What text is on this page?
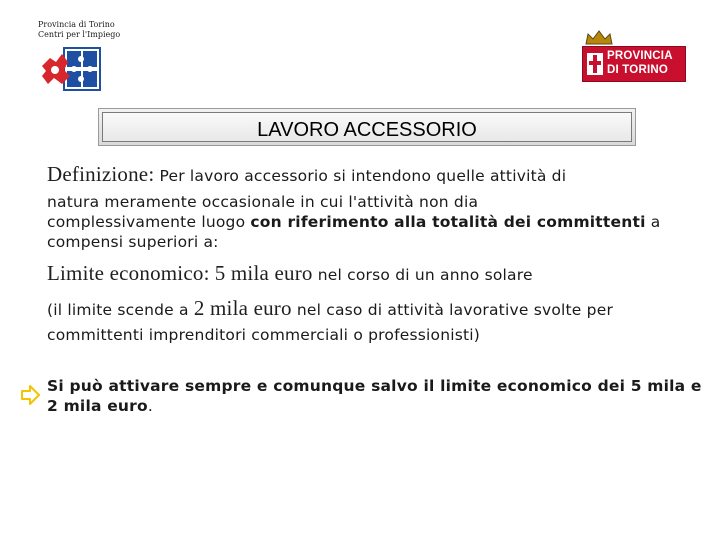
Provincia di Torino
Centri per l'Impiego
PROVINCIA
DI TORINO
LAVORO ACCESSORIO
Definizione: Per lavoro accessorio si intendono quelle attività di
natura meramente occasionale in cui l'attività non dia
complessivamente luogo con riferimento alla totalità dei committenti a compensi superiori a:
Limite economico: 5 mila euro nel corso di un anno solare
(il limite scende a 2 mila euro nel caso di attività lavorative svolte per
committenti imprenditori commerciali o professionisti)
Si può attivare sempre e comunque salvo il limite economico dei 5 mila e 2 mila euro.
